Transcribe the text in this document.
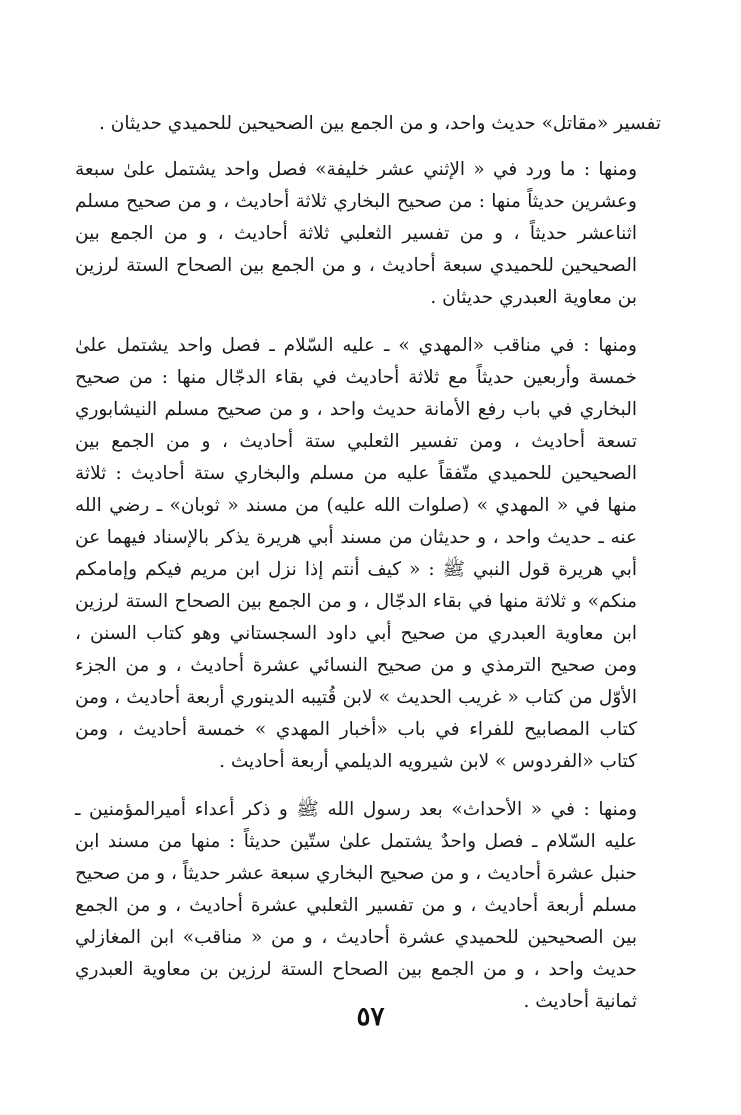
تفسير «مقاتل» حديث واحد، و من الجمع بين الصحيحين للحميدي حديثان .

ومنها : ما ورد في « الإثني عشر خليفة» فصل واحد يشتمل علىٰ سبعة وعشرين حديثاً منها : من صحيح البخاري ثلاثة أحاديث ، و من صحيح مسلم اثناعشر حديثاً ، و من تفسير الثعلبي ثلاثة أحاديث ، و من الجمع بين الصحيحين للحميدي سبعة أحاديث ، و من الجمع بين الصحاح الستة لرزين بن معاوية العبدري حديثان .

ومنها : في مناقب «المهدي » ـ عليه السّلام ـ فصل واحد يشتمل علىٰ خمسة وأربعين حديثاً مع ثلاثة أحاديث في بقاء الدجّال منها : من صحيح البخاري في باب رفع الأمانة حديث واحد ، و من صحيح مسلم النيشابوري تسعة أحاديث ، ومن تفسير الثعلبي ستة أحاديث ، و من الجمع بين الصحيحين للحميدي متّفقاً عليه من مسلم والبخاري ستة أحاديث : ثلاثة منها في « المهدي » (صلوات الله عليه) من مسند « ثوبان» ـ رضي الله عنه ـ حديث واحد ، و حديثان من مسند أبي هريرة يذكر بالإسناد فيهما عن أبي هريرة قول النبي ﷺ : « كيف أنتم إذا نزل ابن مريم فيكم وإمامكم منكم» و ثلاثة منها في بقاء الدجّال ، و من الجمع بين الصحاح الستة لرزين ابن معاوية العبدري من صحيح أبي داود السجستاني وهو كتاب السنن ، ومن صحيح الترمذي و من صحيح النسائي عشرة أحاديث ، و من الجزء الأوّل من كتاب « غريب الحديث » لابن قُتيبه الدينوري أربعة أحاديث ، ومن كتاب المصابيح للفراء في باب «أخبار المهدي » خمسة أحاديث ، ومن كتاب «الفردوس » لابن شيرويه الديلمي أربعة أحاديث .

ومنها : في « الأحداث» بعد رسول الله ﷺ و ذكر أعداء أميرالمؤمنين ـ عليه السّلام ـ فصل واحدٌ يشتمل علىٰ ستّين حديثاً : منها من مسند ابن حنبل عشرة أحاديث ، و من صحيح البخاري سبعة عشر حديثاً ، و من صحيح مسلم أربعة أحاديث ، و من تفسير الثعلبي عشرة أحاديث ، و من الجمع بين الصحيحين للحميدي عشرة أحاديث ، و من « مناقب» ابن المغازلي حديث واحد ، و من الجمع بين الصحاح الستة لرزين بن معاوية العبدري ثمانية أحاديث .

٥٧
